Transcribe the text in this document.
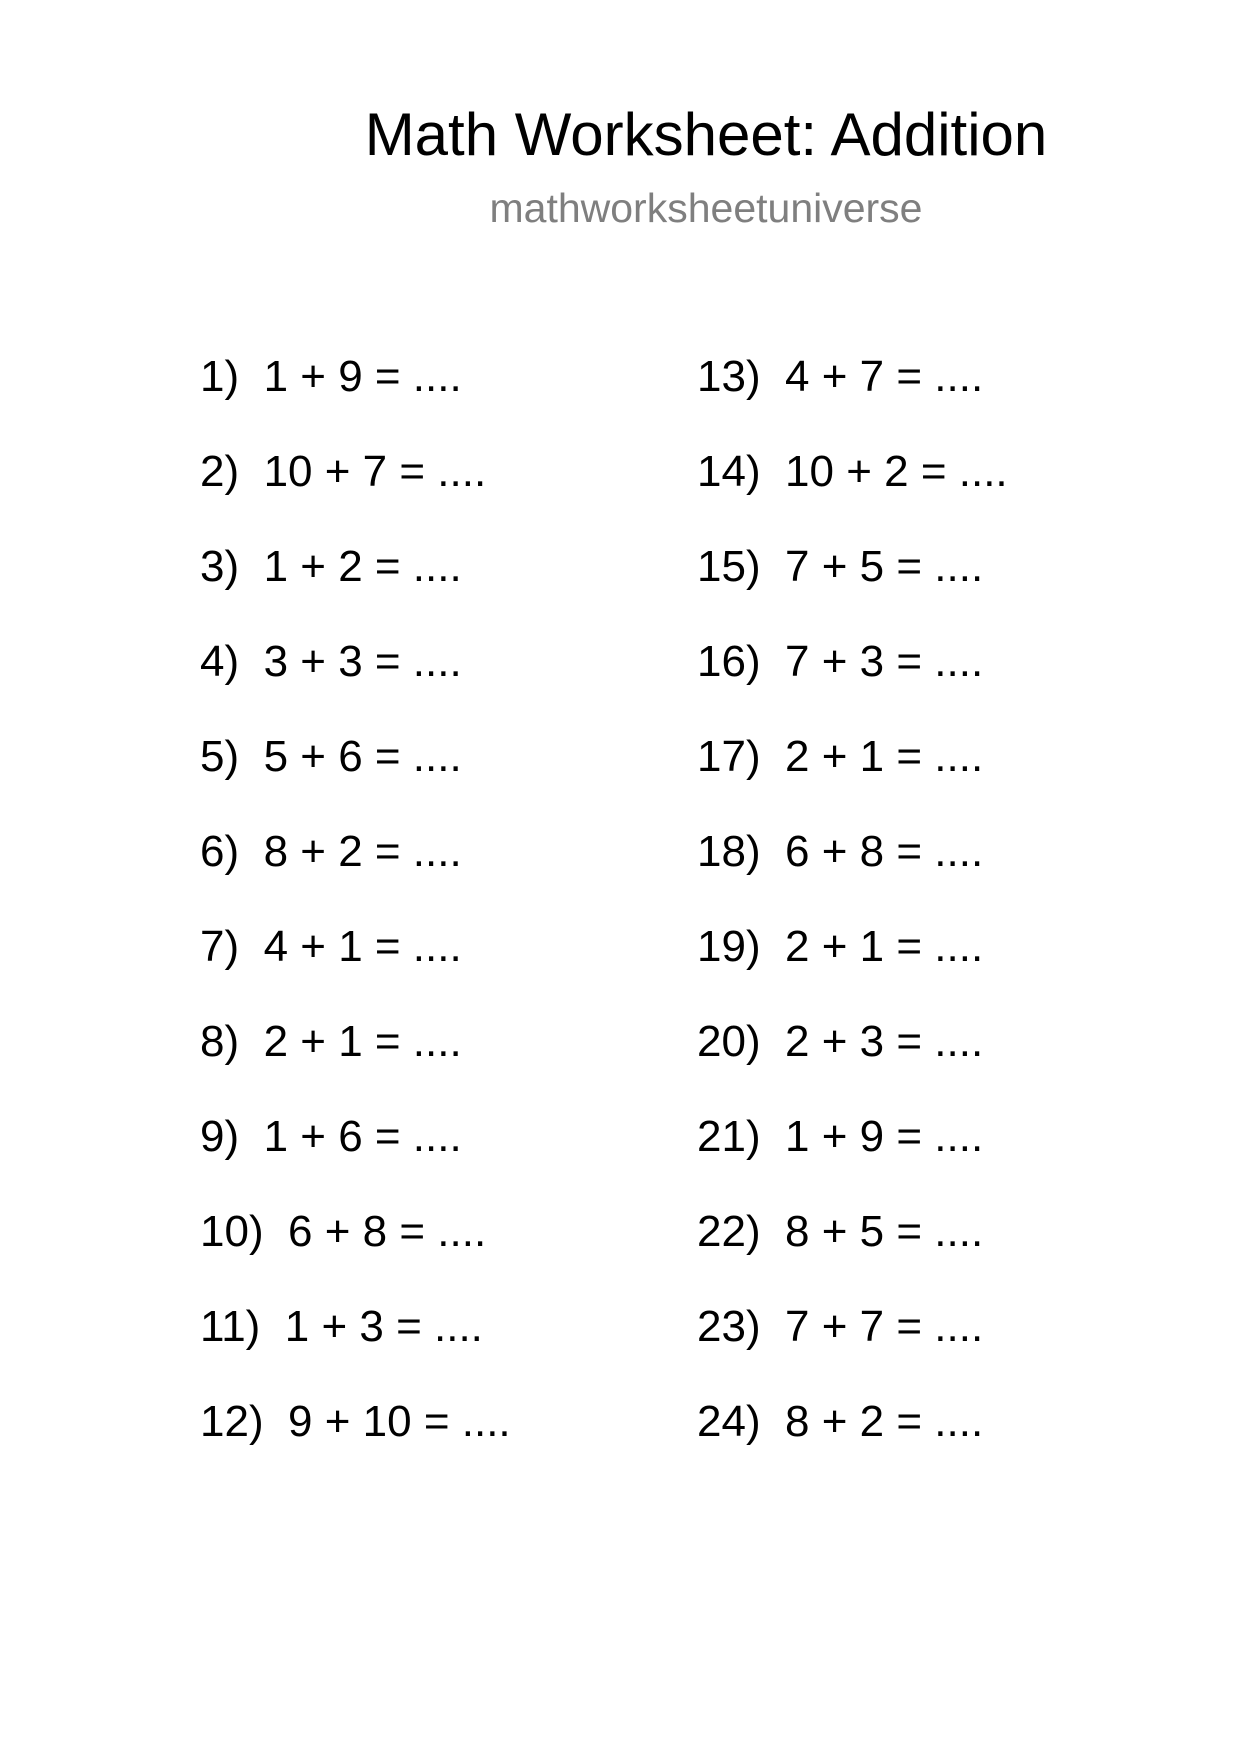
Math Worksheet: Addition
mathworksheetuniverse
1)  1 + 9 = ....
2)  10 + 7 = ....
3)  1 + 2 = ....
4)  3 + 3 = ....
5)  5 + 6 = ....
6)  8 + 2 = ....
7)  4 + 1 = ....
8)  2 + 1 = ....
9)  1 + 6 = ....
10)  6 + 8 = ....
11)  1 + 3 = ....
12)  9 + 10 = ....
13)  4 + 7 = ....
14)  10 + 2 = ....
15)  7 + 5 = ....
16)  7 + 3 = ....
17)  2 + 1 = ....
18)  6 + 8 = ....
19)  2 + 1 = ....
20)  2 + 3 = ....
21)  1 + 9 = ....
22)  8 + 5 = ....
23)  7 + 7 = ....
24)  8 + 2 = ....
